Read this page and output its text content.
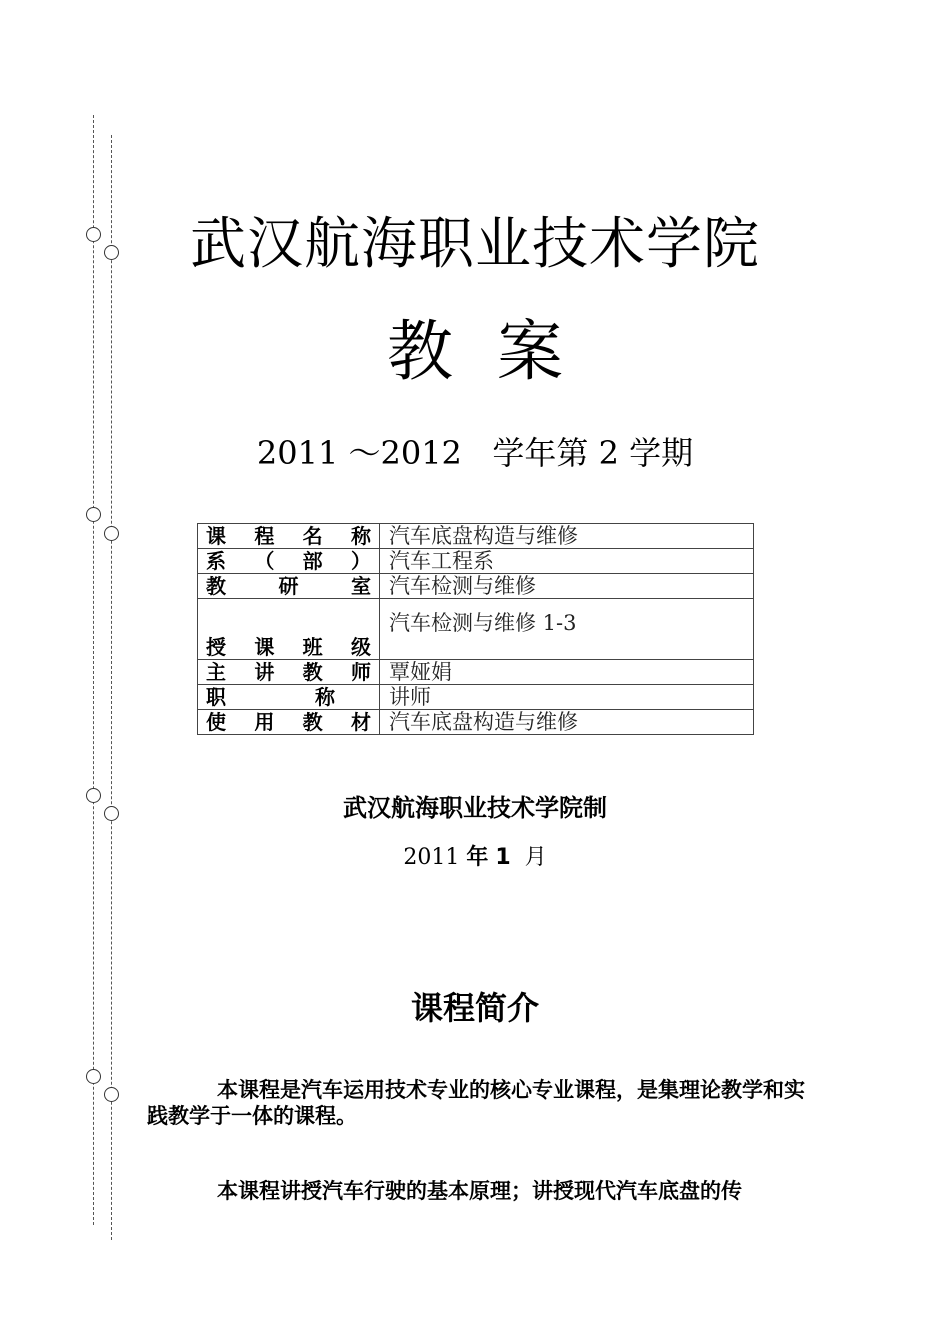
武汉航海职业技术学院
教 案
2011 ～2012   学年第 2 学期
课 程 名 称	汽车底盘构造与维修

系 （ 部 ）	汽车工程系

教 研 室	汽车检测与维修

授 课 班 级	汽车检测与维修 1-3

主 讲 教 师	覃娅娟

职 称	讲师

使 用 教 材	汽车底盘构造与维修
武汉航海职业技术学院制
2011 年 1 月
课程简介
本课程是汽车运用技术专业的核心专业课程，是集理论教学和实践教学于一体的课程。
本课程讲授汽车行驶的基本原理；讲授现代汽车底盘的传
